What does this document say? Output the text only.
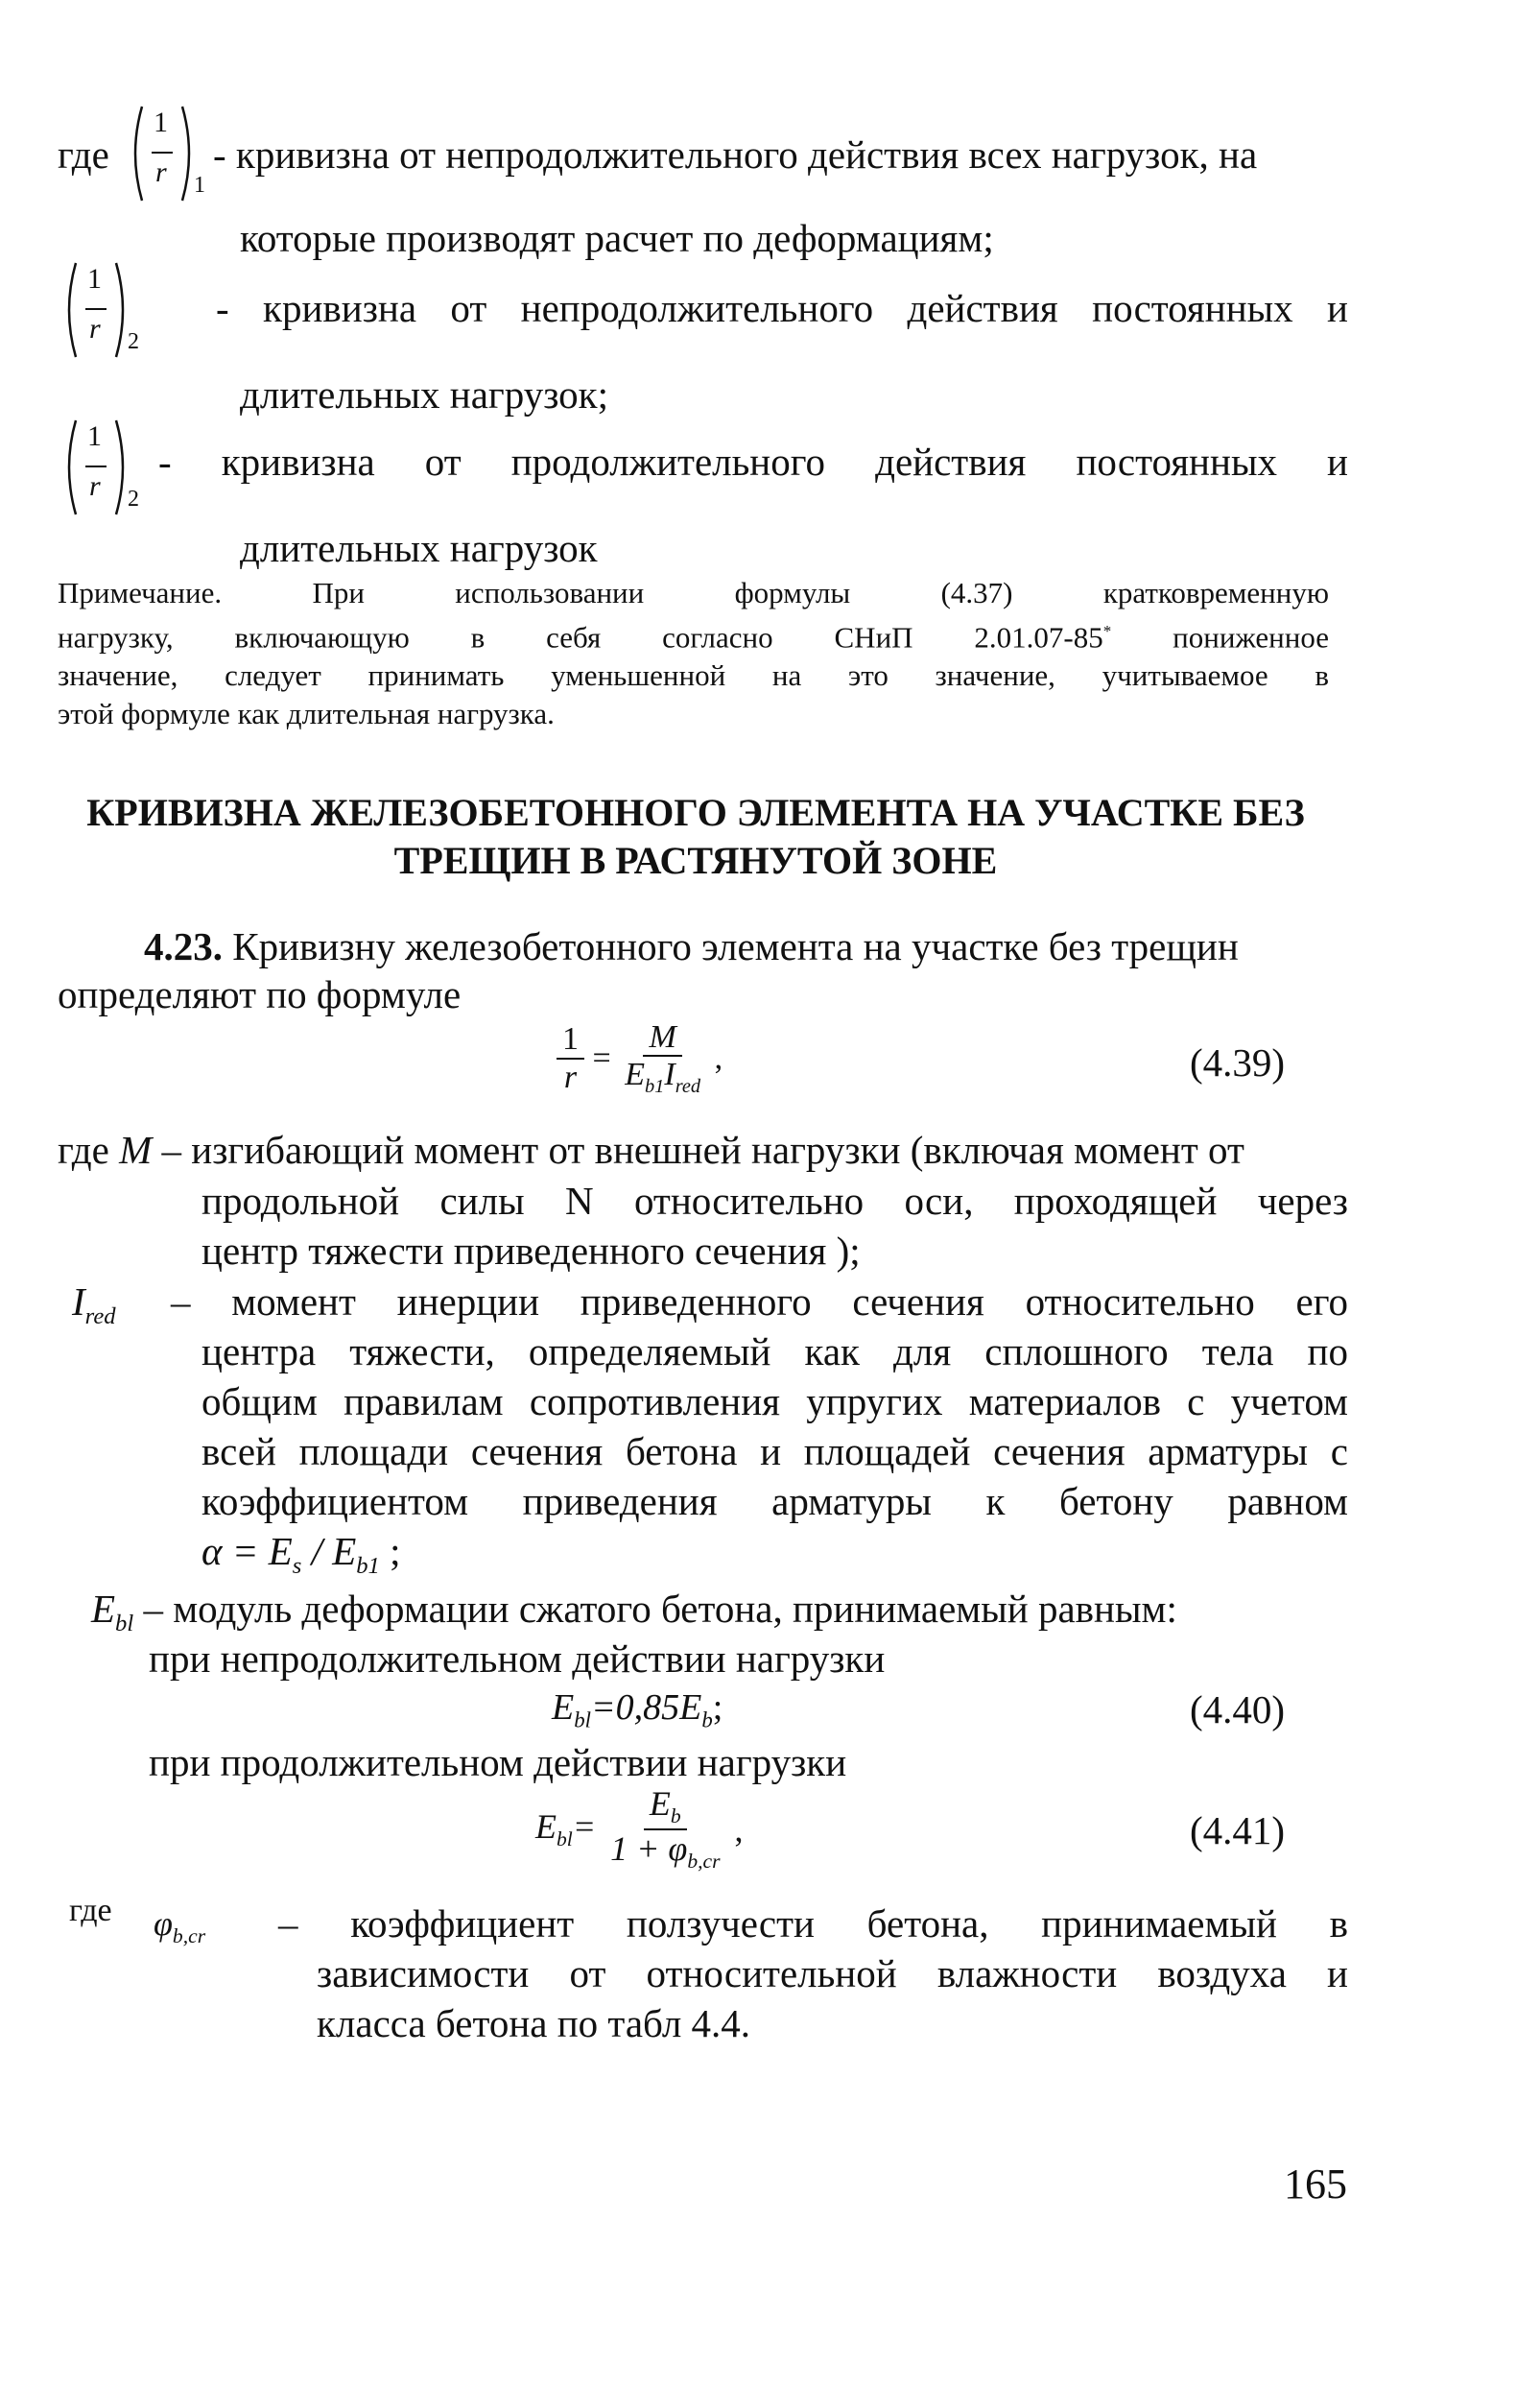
где
1
r 1
- кривизна от непродолжительного действия всех нагрузок, на
которые производят расчет по деформациям;
1
r 2
- кривизна от непродолжительного действия постоянных и
длительных нагрузок;
1
r 2
- кривизна от продолжительного действия постоянных и
длительных нагрузок
Примечание. При использовании формулы (4.37) кратковременную
нагрузку, включающую в себя согласно СНиП 2.01.07-85* пониженное
значение, следует принимать уменьшенной на это значение, учитываемое в
этой формуле как длительная нагрузка.
КРИВИЗНА ЖЕЛЕЗОБЕТОННОГО ЭЛЕМЕНТА НА УЧАСТКЕ БЕЗ
ТРЕЩИН В РАСТЯНУТОЙ ЗОНЕ
4.23. Кривизну железобетонного элемента на участке без трещин
определяют по формуле
$\frac{1}{r} = \frac{M}{E_{b1}I_{red}}$ ,	(4.39)
где M – изгибающий момент от внешней нагрузки (включая момент от
продольной силы N относительно оси, проходящей через
центр тяжести приведенного сечения );
$I_{red}$ – момент инерции приведенного сечения относительно его
центра тяжести, определяемый как для сплошного тела по
общим правилам сопротивления упругих материалов с учетом
всей площади сечения бетона и площадей сечения арматуры с
коэффициентом приведения арматуры к бетону равном
$\alpha = E_s / E_{b1}$ ;
$E_{bl}$ – модуль деформации сжатого бетона, принимаемый равным:
при непродолжительном действии нагрузки
$E_{bl}=0,85E_b$;	(4.40)
при продолжительном действии нагрузки
$E_{bl}= \frac{E_b}{1 + \varphi_{b,cr}}$ ,	(4.41)
где $\varphi_{b,cr}$ – коэффициент ползучести бетона, принимаемый в
зависимости от относительной влажности воздуха и
класса бетона по табл 4.4.
165
